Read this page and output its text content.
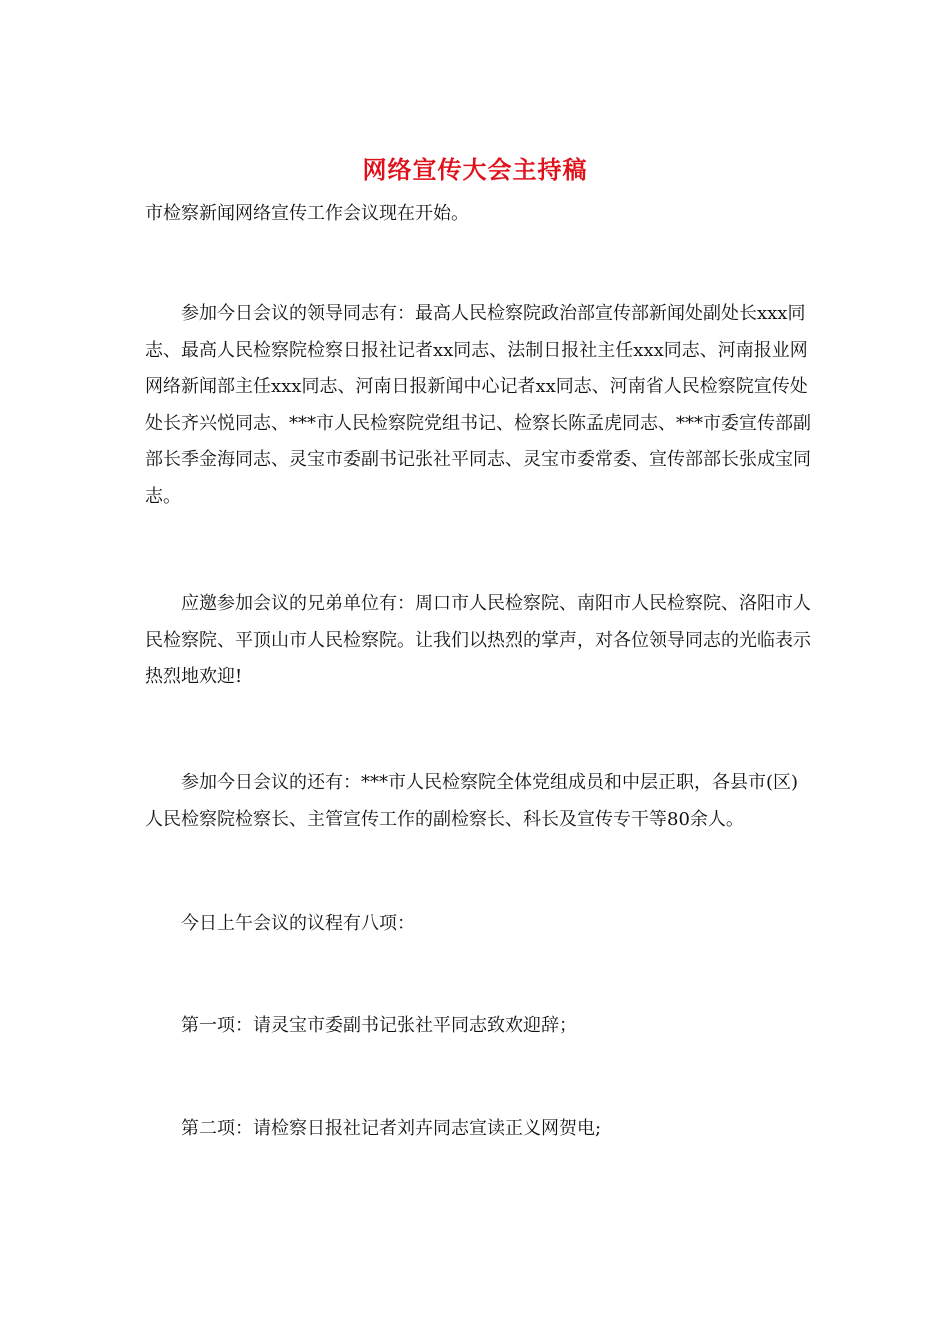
网络宣传大会主持稿

市检察新闻网络宣传工作会议现在开始。

参加今日会议的领导同志有：最高人民检察院政治部宣传部新闻处副处长xxx同志、最高人民检察院检察日报社记者xx同志、法制日报社主任xxx同志、河南报业网网络新闻部主任xxx同志、河南日报新闻中心记者xx同志、河南省人民检察院宣传处处长齐兴悦同志、***市人民检察院党组书记、检察长陈孟虎同志、***市委宣传部副部长季金海同志、灵宝市委副书记张社平同志、灵宝市委常委、宣传部部长张成宝同志。

应邀参加会议的兄弟单位有：周口市人民检察院、南阳市人民检察院、洛阳市人民检察院、平顶山市人民检察院。让我们以热烈的掌声，对各位领导同志的光临表示热烈地欢迎!

参加今日会议的还有：***市人民检察院全体党组成员和中层正职，各县市(区)人民检察院检察长、主管宣传工作的副检察长、科长及宣传专干等80余人。

今日上午会议的议程有八项：

第一项：请灵宝市委副书记张社平同志致欢迎辞；

第二项：请检察日报社记者刘卉同志宣读正义网贺电;
